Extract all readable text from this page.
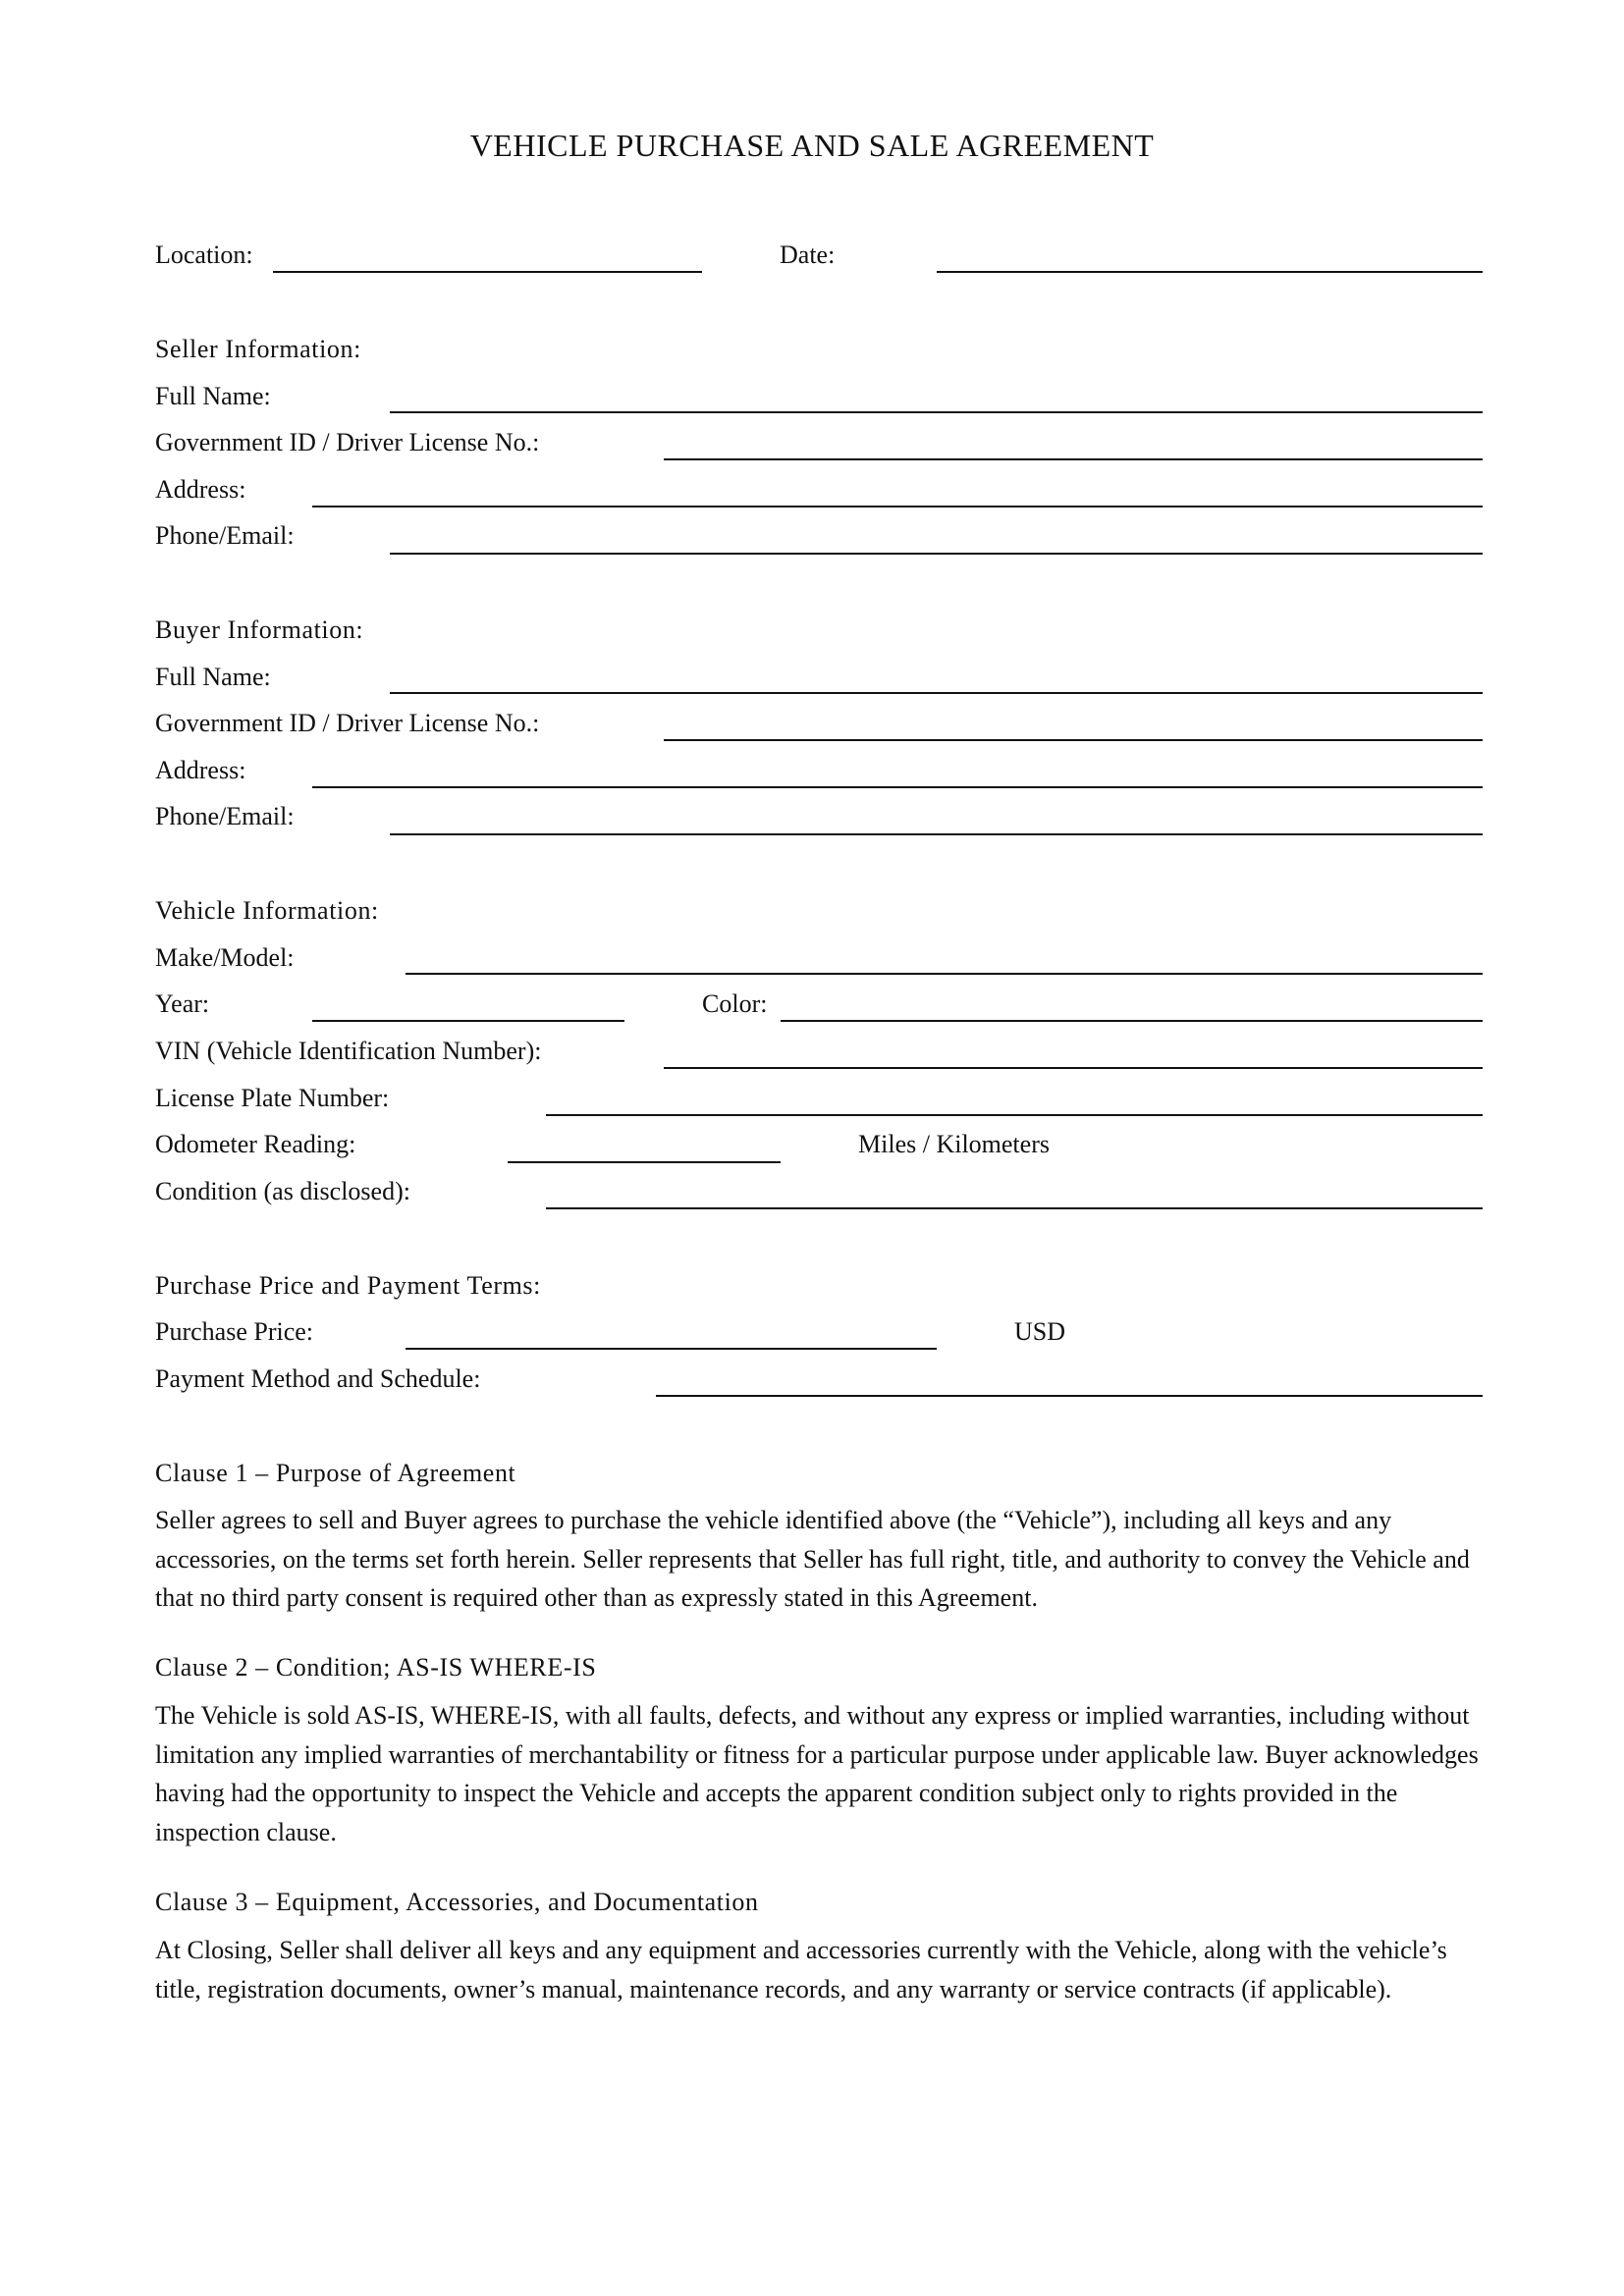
VEHICLE PURCHASE AND SALE AGREEMENT
Location:	Date:
Seller Information:
Full Name:
Government ID / Driver License No.:
Address:
Phone/Email:
Buyer Information:
Full Name:
Government ID / Driver License No.:
Address:
Phone/Email:
Vehicle Information:
Make/Model:
Year:	Color:
VIN (Vehicle Identification Number):
License Plate Number:
Odometer Reading:	Miles / Kilometers
Condition (as disclosed):
Purchase Price and Payment Terms:
Purchase Price:	USD
Payment Method and Schedule:
Clause 1 – Purpose of Agreement
Seller agrees to sell and Buyer agrees to purchase the vehicle identified above (the “Vehicle”), including all keys and any accessories, on the terms set forth herein. Seller represents that Seller has full right, title, and authority to convey the Vehicle and that no third party consent is required other than as expressly stated in this Agreement.
Clause 2 – Condition; AS-IS WHERE-IS
The Vehicle is sold AS-IS, WHERE-IS, with all faults, defects, and without any express or implied warranties, including without limitation any implied warranties of merchantability or fitness for a particular purpose under applicable law. Buyer acknowledges having had the opportunity to inspect the Vehicle and accepts the apparent condition subject only to rights provided in the inspection clause.
Clause 3 – Equipment, Accessories, and Documentation
At Closing, Seller shall deliver all keys and any equipment and accessories currently with the Vehicle, along with the vehicle’s title, registration documents, owner’s manual, maintenance records, and any warranty or service contracts (if applicable).
